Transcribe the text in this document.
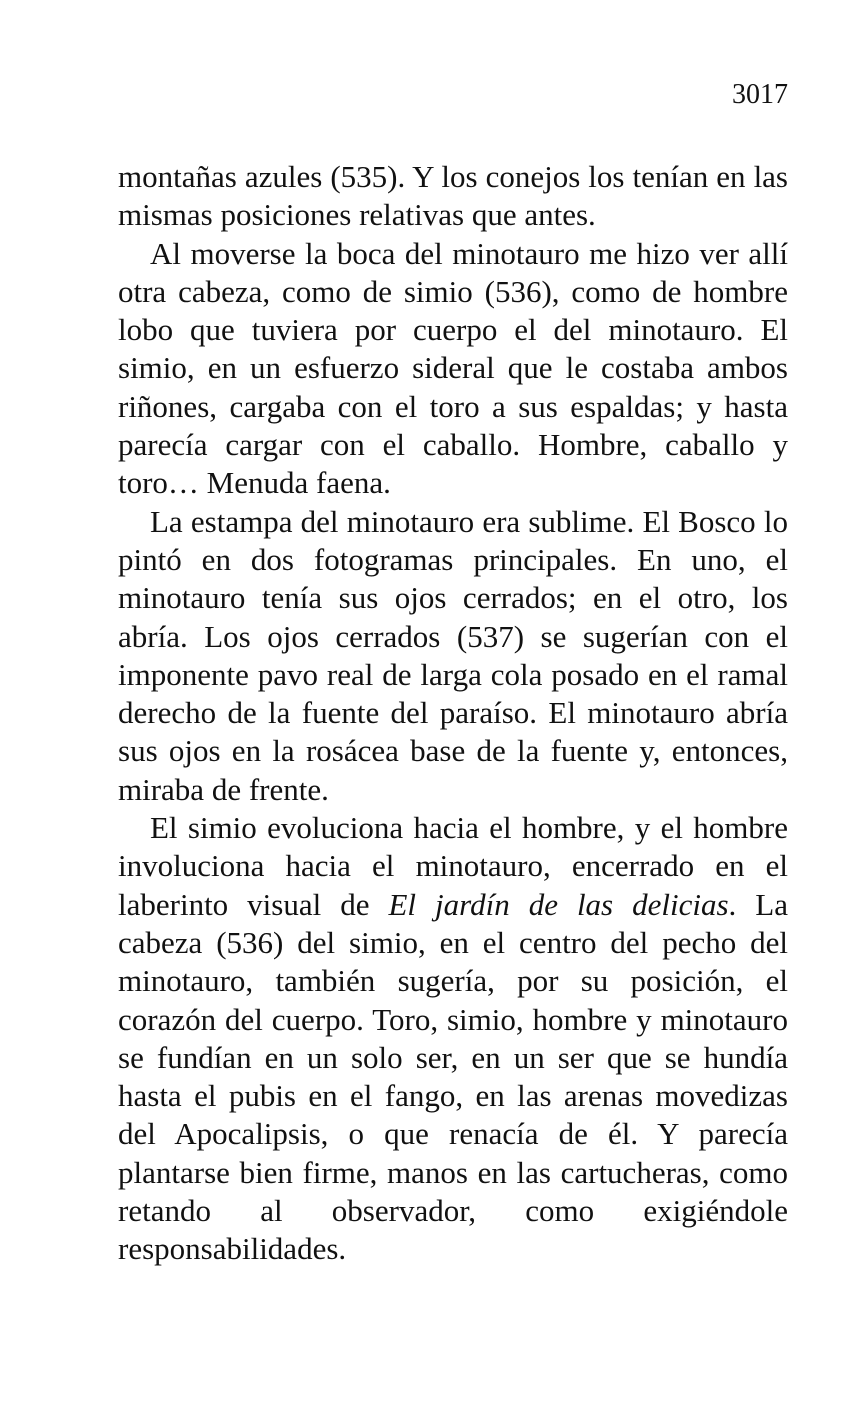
3017

montañas azules (535). Y los conejos los tenían en las mismas posiciones relativas que antes.

Al moverse la boca del minotauro me hizo ver allí otra cabeza, como de simio (536), como de hombre lobo que tuviera por cuerpo el del minotauro. El simio, en un esfuerzo sideral que le costaba ambos riñones, cargaba con el toro a sus espaldas; y hasta parecía cargar con el caballo. Hombre, caballo y toro… Menuda faena.

La estampa del minotauro era sublime. El Bosco lo pintó en dos fotogramas principales. En uno, el minotauro tenía sus ojos cerrados; en el otro, los abría. Los ojos cerrados (537) se sugerían con el imponente pavo real de larga cola posado en el ramal derecho de la fuente del paraíso. El minotauro abría sus ojos en la rosácea base de la fuente y, entonces, miraba de frente.

El simio evoluciona hacia el hombre, y el hombre involuciona hacia el minotauro, encerrado en el laberinto visual de El jardín de las delicias. La cabeza (536) del simio, en el centro del pecho del minotauro, también sugería, por su posición, el corazón del cuerpo. Toro, simio, hombre y minotauro se fundían en un solo ser, en un ser que se hundía hasta el pubis en el fango, en las arenas movedizas del Apocalipsis, o que renacía de él. Y parecía plantarse bien firme, manos en las cartucheras, como retando al observador, como exigiéndole responsabilidades.
